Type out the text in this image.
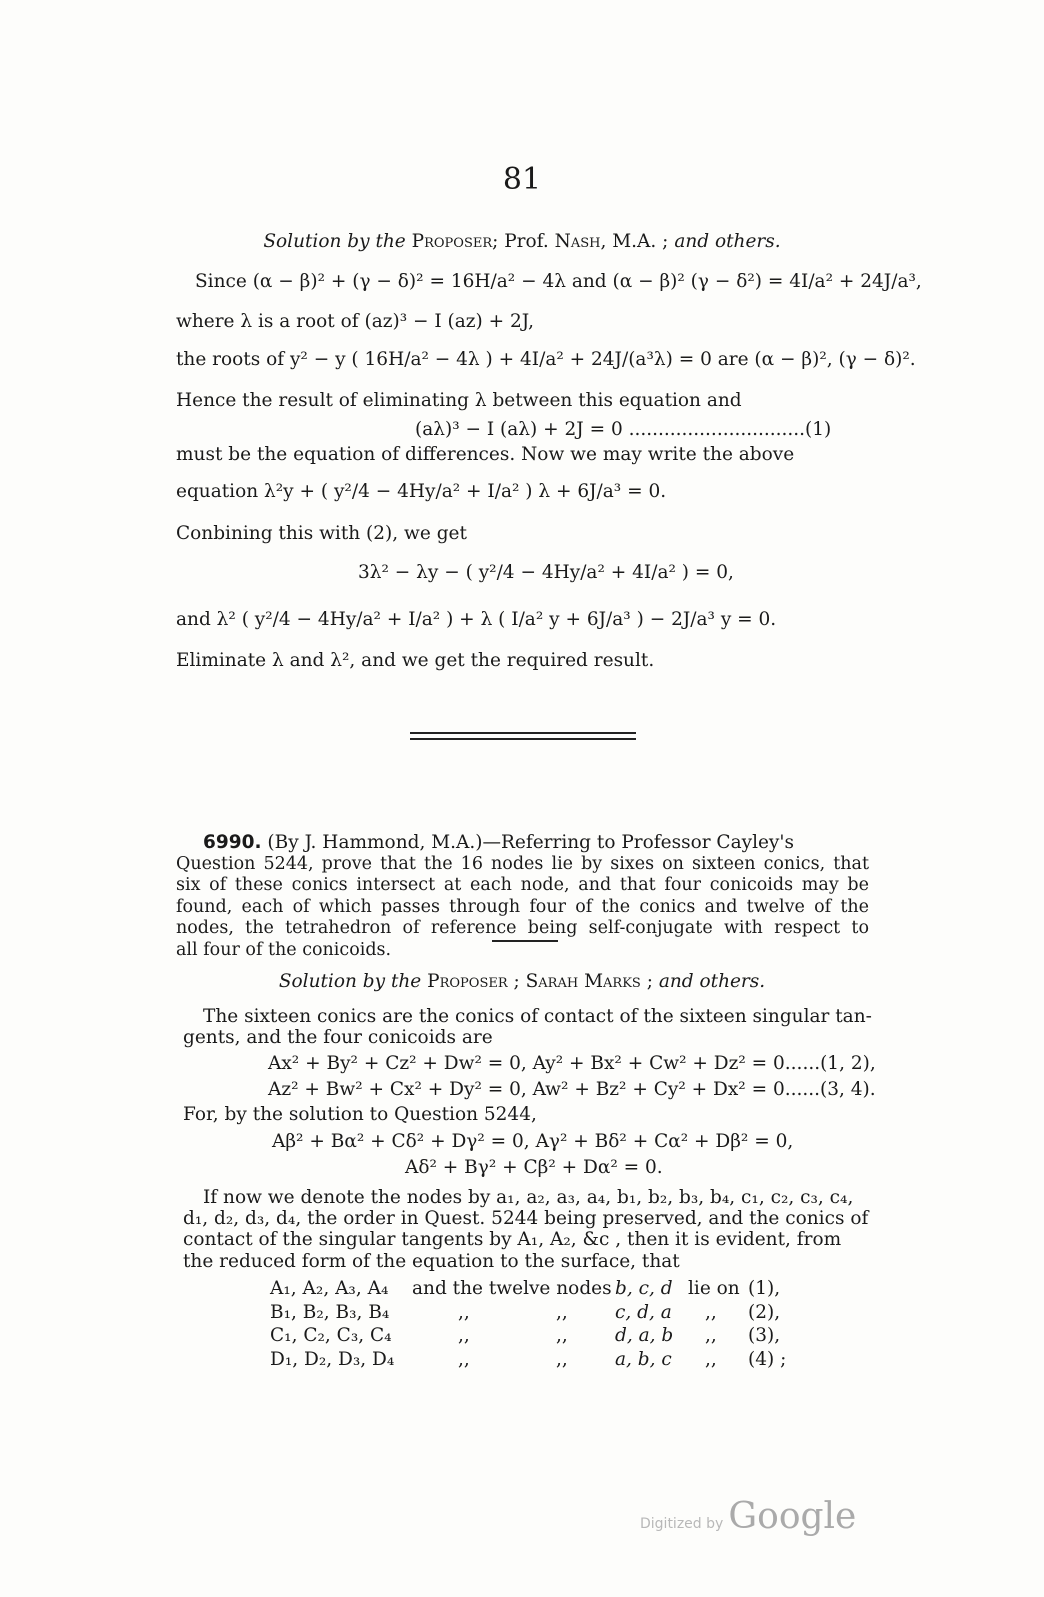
81
Solution by the Proposer; Prof. Nash, M.A. ; and others.
Since (α − β)² + (γ − δ)² = 16H/a² − 4λ and (α − β)² (γ − δ²) = 4I/a² + 24J/a³,
where λ is a root of (az)³ − I (az) + 2J,
the roots of y² − y ( 16H/a² − 4λ ) + 4I/a² + 24J/(a³λ) = 0 are (α − β)², (γ − δ)².
Hence the result of eliminating λ between this equation and
(aλ)³ − I (aλ) + 2J = 0 ..............................(1)
must be the equation of differences. Now we may write the above
equation λ²y + ( y²/4 − 4Hy/a² + I/a² ) λ + 6J/a³ = 0.
Conbining this with (2), we get
3λ² − λy − ( y²/4 − 4Hy/a² + 4I/a² ) = 0,
and λ² ( y²/4 − 4Hy/a² + I/a² ) + λ ( I/a² y + 6J/a³ ) − 2J/a³ y = 0.
Eliminate λ and λ², and we get the required result.
6990. (By J. Hammond, M.A.)—Referring to Professor Cayley's
Question 5244, prove that the 16 nodes lie by sixes on sixteen conics, that
six of these conics intersect at each node, and that four conicoids may be
found, each of which passes through four of the conics and twelve of the
nodes, the tetrahedron of reference being self-conjugate with respect to
all four of the conicoids.
Solution by the Proposer ; Sarah Marks ; and others.
The sixteen conics are the conics of contact of the sixteen singular tan-
gents, and the four conicoids are
Ax² + By² + Cz² + Dw² = 0, Ay² + Bx² + Cw² + Dz² = 0......(1, 2),
Az² + Bw² + Cx² + Dy² = 0, Aw² + Bz² + Cy² + Dx² = 0......(3, 4).
For, by the solution to Question 5244,
Aβ² + Bα² + Cδ² + Dγ² = 0, Aγ² + Bδ² + Cα² + Dβ² = 0,
Aδ² + Bγ² + Cβ² + Dα² = 0.
If now we denote the nodes by a₁, a₂, a₃, a₄, b₁, b₂, b₃, b₄, c₁, c₂, c₃, c₄,
d₁, d₂, d₃, d₄, the order in Quest. 5244 being preserved, and the conics of
contact of the singular tangents by A₁, A₂, &c , then it is evident, from
the reduced form of the equation to the surface, that
A₁, A₂, A₃, A₄ and the twelve nodes b, c, d lie on (1),
B₁, B₂, B₃, B₄	,,	,,	c, d, a ,, (2),
C₁, C₂, C₃, C₄	,,	,,	d, a, b ,, (3),
D₁, D₂, D₃, D₄	,,	,,	a, b, c ,, (4) ;
Digitized by Google
